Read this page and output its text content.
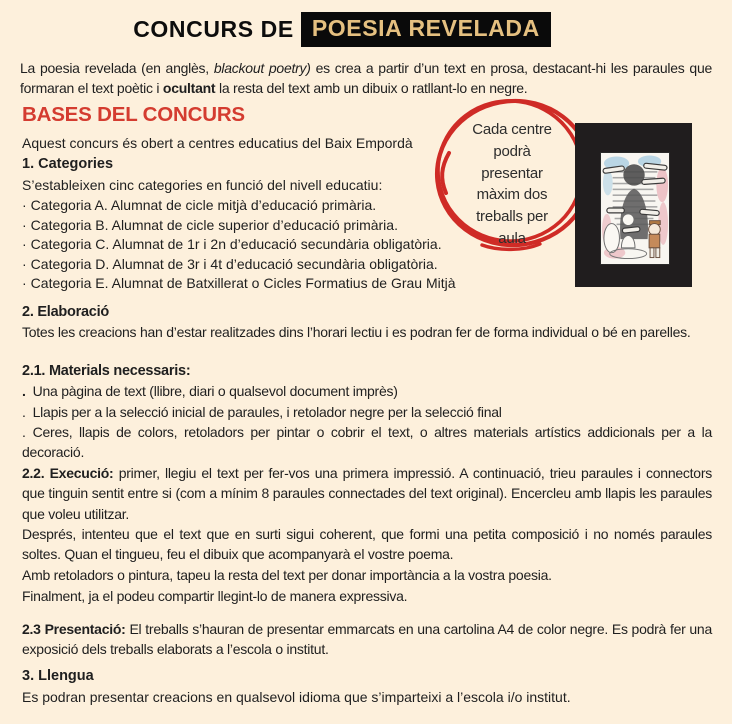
CONCURS DE POESIA REVELADA

La poesia revelada (en anglès, blackout poetry) es crea a partir d’un text en prosa, destacant-hi les paraules que formaran el text poètic i ocultant la resta del text amb un dibuix o ratllant-lo en negre.

BASES DEL CONCURS
Aquest concurs és obert a centres educatius del Baix Empordà
1. Categories
S’estableixen cinc categories en funció del nivell educatiu:
· Categoria A. Alumnat de cicle mitjà d’educació primària.
· Categoria B. Alumnat de cicle superior d’educació primària.
· Categoria C. Alumnat de 1r i 2n d’educació secundària obligatòria.
· Categoria D. Alumnat de 3r i 4t d’educació secundària obligatòria.
· Categoria E. Alumnat de Batxillerat o Cicles Formatius de Grau Mitjà
Cada centre
podrà
presentar
màxim dos
treballs per
aula
2. Elaboració

Totes les creacions han d’estar realitzades dins l’horari lectiu i es podran fer de forma individual o bé en parelles.

2.1. Materials necessaris:
. Una pàgina de text (llibre, diari o qualsevol document imprès)
. Llapis per a la selecció inicial de paraules, i retolador negre per la selecció final

. Ceres, llapis de colors, retoladors per pintar o cobrir el text, o altres materials artístics addicionals per a la decoració.

2.2. Execució: primer, llegiu el text per fer-vos una primera impressió. A continuació, trieu paraules i connectors que tinguin sentit entre si (com a mínim 8 paraules connectades del text original). Encercleu amb llapis les paraules que voleu utilitzar.

Després, intenteu que el text que en surti sigui coherent, que formi una petita composició i no només paraules soltes. Quan el tingueu, feu el dibuix que acompanyarà el vostre poema.

Amb retoladors o pintura, tapeu la resta del text per donar importància a la vostra poesia.
Finalment, ja el podeu compartir llegint-lo de manera expressiva.

2.3 Presentació: El treballs s’hauran de presentar emmarcats en una cartolina A4 de color negre. Es podrà fer una exposició dels treballs elaborats a l’escola o institut.

3. Llengua
Es podran presentar creacions en qualsevol idioma que s’imparteixi a l’escola i/o institut.
